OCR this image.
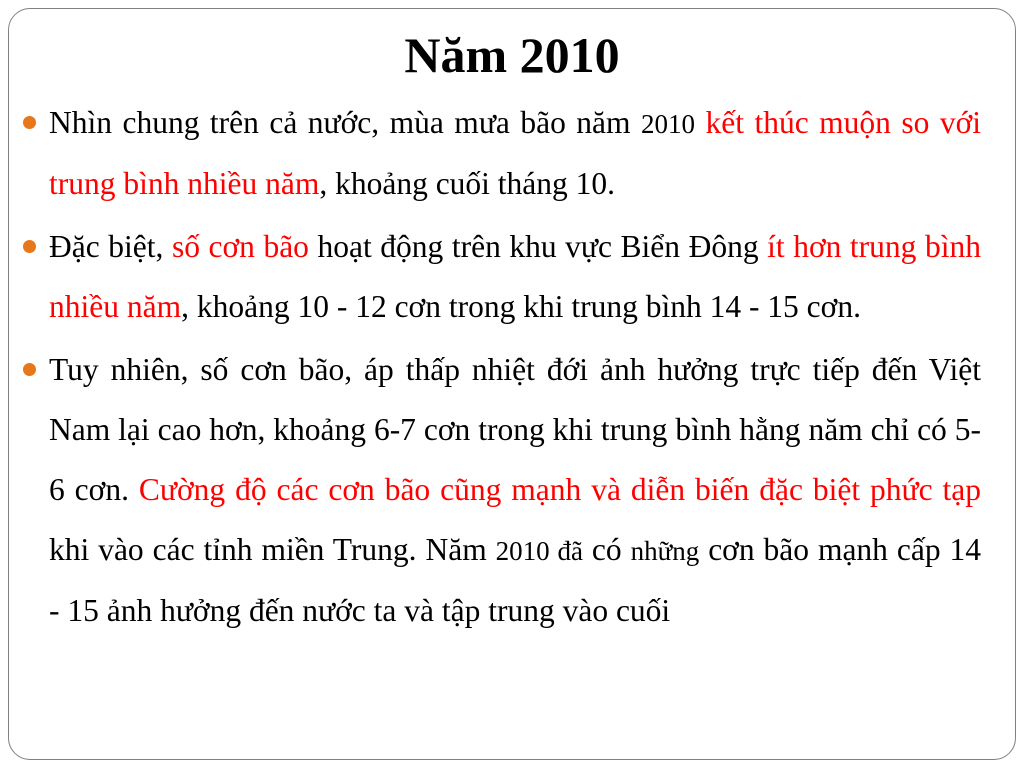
Năm 2010
Nhìn chung trên cả nước, mùa mưa bão năm 2010 kết thúc muộn so với trung bình nhiều năm, khoảng cuối tháng 10.
Đặc biệt, số cơn bão hoạt động trên khu vực Biển Đông ít hơn trung bình nhiều năm, khoảng 10 - 12 cơn trong khi trung bình 14 - 15 cơn.
Tuy nhiên, số cơn bão, áp thấp nhiệt đới ảnh hưởng trực tiếp đến Việt Nam lại cao hơn, khoảng 6-7 cơn trong khi trung bình hằng năm chỉ có 5- 6 cơn. Cường độ các cơn bão cũng mạnh và diễn biến đặc biệt phức tạp khi vào các tỉnh miền Trung. Năm 2010 đã có những cơn bão mạnh cấp 14 - 15 ảnh hưởng đến nước ta và tập trung vào cuối
